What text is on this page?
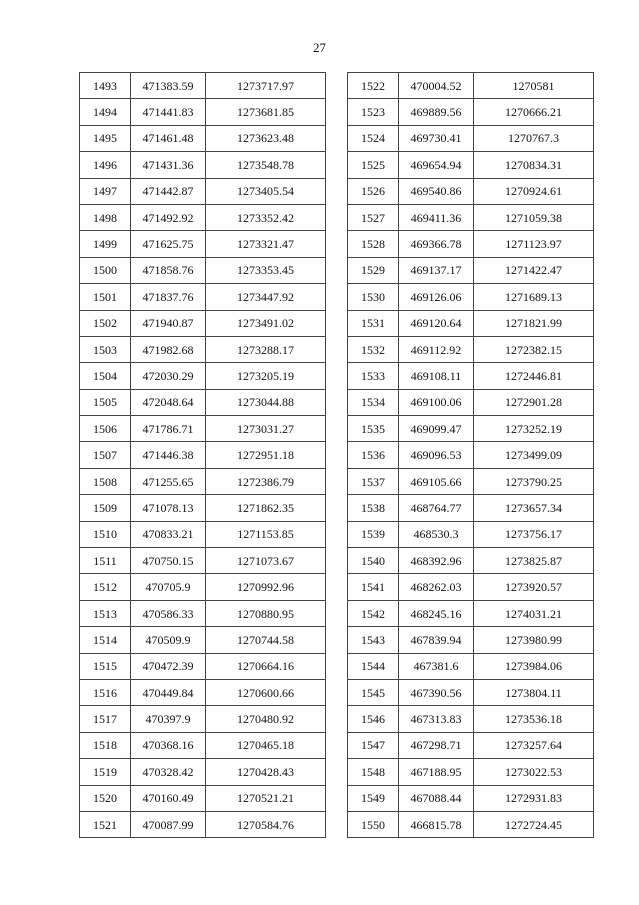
27
1493	471383.59	1273717.97
1494	471441.83	1273681.85
1495	471461.48	1273623.48
1496	471431.36	1273548.78
1497	471442.87	1273405.54
1498	471492.92	1273352.42
1499	471625.75	1273321.47
1500	471858.76	1273353.45
1501	471837.76	1273447.92
1502	471940.87	1273491.02
1503	471982.68	1273288.17
1504	472030.29	1273205.19
1505	472048.64	1273044.88
1506	471786.71	1273031.27
1507	471446.38	1272951.18
1508	471255.65	1272386.79
1509	471078.13	1271862.35
1510	470833.21	1271153.85
1511	470750.15	1271073.67
1512	470705.9	1270992.96
1513	470586.33	1270880.95
1514	470509.9	1270744.58
1515	470472.39	1270664.16
1516	470449.84	1270600.66
1517	470397.9	1270480.92
1518	470368.16	1270465.18
1519	470328.42	1270428.43
1520	470160.49	1270521.21
1521	470087.99	1270584.76
1522	470004.52	1270581
1523	469889.56	1270666.21
1524	469730.41	1270767.3
1525	469654.94	1270834.31
1526	469540.86	1270924.61
1527	469411.36	1271059.38
1528	469366.78	1271123.97
1529	469137.17	1271422.47
1530	469126.06	1271689.13
1531	469120.64	1271821.99
1532	469112.92	1272382.15
1533	469108.11	1272446.81
1534	469100.06	1272901.28
1535	469099.47	1273252.19
1536	469096.53	1273499.09
1537	469105.66	1273790.25
1538	468764.77	1273657.34
1539	468530.3	1273756.17
1540	468392.96	1273825.87
1541	468262.03	1273920.57
1542	468245.16	1274031.21
1543	467839.94	1273980.99
1544	467381.6	1273984.06
1545	467390.56	1273804.11
1546	467313.83	1273536.18
1547	467298.71	1273257.64
1548	467188.95	1273022.53
1549	467088.44	1272931.83
1550	466815.78	1272724.45
